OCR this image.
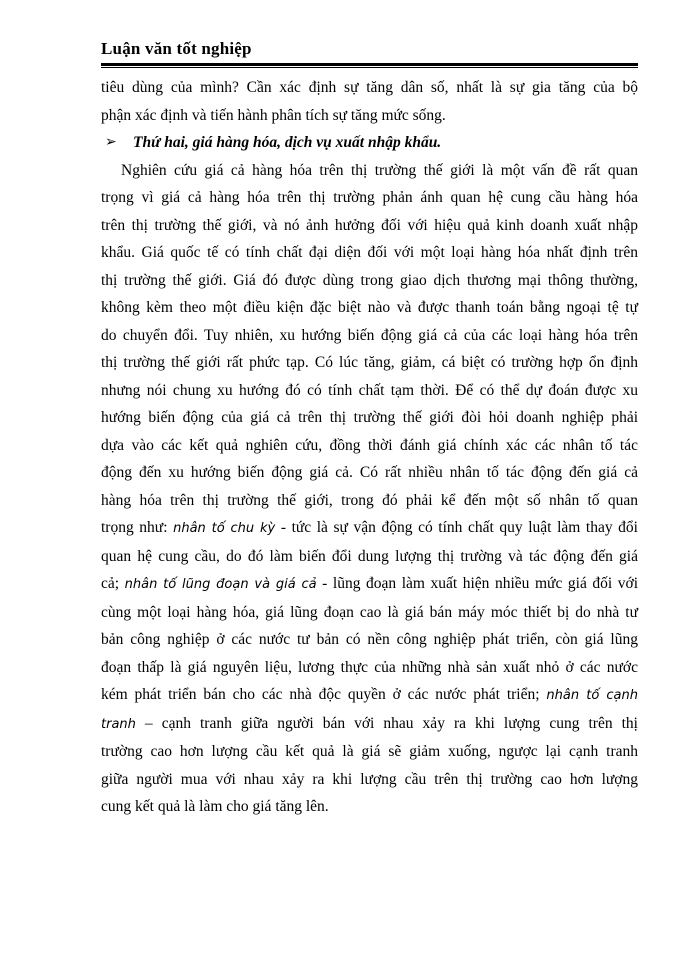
Luận văn tốt nghiệp

tiêu dùng của mình? Cần xác định sự tăng dân số, nhất là sự gia tăng của bộ
phận xác định và tiến hành phân tích sự tăng mức sống.

➢ Thứ hai, giá hàng hóa, dịch vụ xuất nhập khẩu.

Nghiên cứu giá cả hàng hóa trên thị trường thế giới là một vấn đề rất quan
trọng vì giá cả hàng hóa trên thị trường phản ánh quan hệ cung cầu hàng hóa
trên thị trường thế giới, và nó ảnh hưởng đối với hiệu quả kinh doanh xuất nhập
khẩu. Giá quốc tế có tính chất đại diện đối với một loại hàng hóa nhất định trên
thị trường thế giới. Giá đó được dùng trong giao dịch thương mại thông thường,
không kèm theo một điều kiện đặc biệt nào và được thanh toán bằng ngoại tệ tự
do chuyển đổi. Tuy nhiên, xu hướng biến động giá cả của các loại hàng hóa trên
thị trường thế giới rất phức tạp. Có lúc tăng, giảm, cá biệt có trường hợp ổn định
nhưng nói chung xu hướng đó có tính chất tạm thời. Để có thể dự đoán được xu
hướng biến động của giá cả trên thị trường thế giới đòi hỏi doanh nghiệp phải
dựa vào các kết quả nghiên cứu, đồng thời đánh giá chính xác các nhân tố tác
động đến xu hướng biến động giá cả. Có rất nhiều nhân tố tác động đến giá cả
hàng hóa trên thị trường thế giới, trong đó phải kể đến một số nhân tố quan
trọng như: nhân tố chu kỳ - tức là sự vận động có tính chất quy luật làm thay đổi
quan hệ cung cầu, do đó làm biến đổi dung lượng thị trường và tác động đến giá
cả; nhân tố lũng đoạn và giá cả - lũng đoạn làm xuất hiện nhiều mức giá đối với
cùng một loại hàng hóa, giá lũng đoạn cao là giá bán máy móc thiết bị do nhà tư
bản công nghiệp ở các nước tư bản có nền công nghiệp phát triển, còn giá lũng
đoạn thấp là giá nguyên liệu, lương thực của những nhà sản xuất nhỏ ở các nước
kém phát triển bán cho các nhà độc quyền ở các nước phát triển; nhân tố cạnh
tranh – cạnh tranh giữa người bán với nhau xảy ra khi lượng cung trên thị
trường cao hơn lượng cầu kết quả là giá sẽ giảm xuống, ngược lại cạnh tranh
giữa người mua với nhau xảy ra khi lượng cầu trên thị trường cao hơn lượng
cung kết quả là làm cho giá tăng lên.
